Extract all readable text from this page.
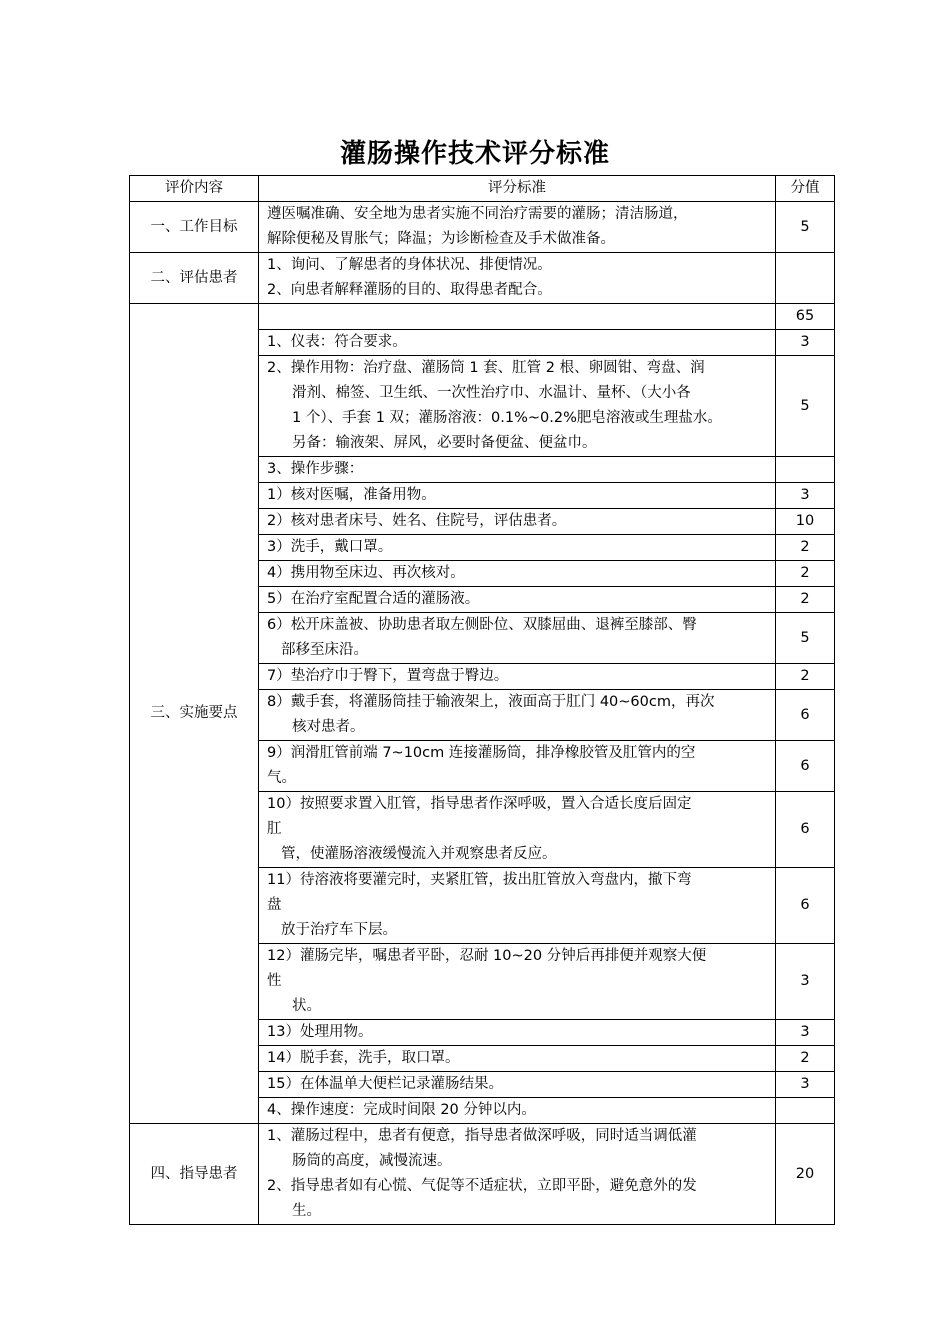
灌肠操作技术评分标准
评价内容	评分标准	分值
一、工作目标	遵医嘱准确、安全地为患者实施不同治疗需要的灌肠；清洁肠道，
解除便秘及胃胀气；降温；为诊断检查及手术做准备。	5
二、评估患者	1、询问、了解患者的身体状况、排便情况。
2、向患者解释灌肠的目的、取得患者配合。	

三、实施要点		65

	1、仪表：符合要求。	3

	2、操作用物：治疗盘、灌肠筒 1 套、肛管 2 根、卵圆钳、弯盘、润
滑剂、棉签、卫生纸、一次性治疗巾、水温计、量杯、（大小各
1 个）、手套 1 双；灌肠溶液：0.1%~0.2%肥皂溶液或生理盐水。
另备：输液架、屏风，必要时备便盆、便盆巾。	5

	3、操作步骤：	

	1）核对医嘱，准备用物。	3

	2）核对患者床号、姓名、住院号，评估患者。	10

	3）洗手，戴口罩。	2

	4）携用物至床边、再次核对。	2

	5）在治疗室配置合适的灌肠液。	2

	6）松开床盖被、协助患者取左侧卧位、双膝屈曲、退裤至膝部、臀
部移至床沿。	5

	7）垫治疗巾于臀下，置弯盘于臀边。	2

	8）戴手套，将灌肠筒挂于输液架上，液面高于肛门 40~60cm，再次
核对患者。	6

	9）润滑肛管前端 7~10cm 连接灌肠筒，排净橡胶管及肛管内的空
气。	6

	10）按照要求置入肛管，指导患者作深呼吸，置入合适长度后固定
肛
管，使灌肠溶液缓慢流入并观察患者反应。	6

	11）待溶液将要灌完时，夹紧肛管，拔出肛管放入弯盘内，撤下弯
盘
放于治疗车下层。	6

	12）灌肠完毕，嘱患者平卧，忍耐 10~20 分钟后再排便并观察大便
性
状。	3

	13）处理用物。	3

	14）脱手套，洗手，取口罩。	2

	15）在体温单大便栏记录灌肠结果。	3

	4、操作速度：完成时间限 20 分钟以内。	

四、指导患者	1、灌肠过程中，患者有便意，指导患者做深呼吸，同时适当调低灌
肠筒的高度，减慢流速。
2、指导患者如有心慌、气促等不适症状，立即平卧，避免意外的发
生。	20
